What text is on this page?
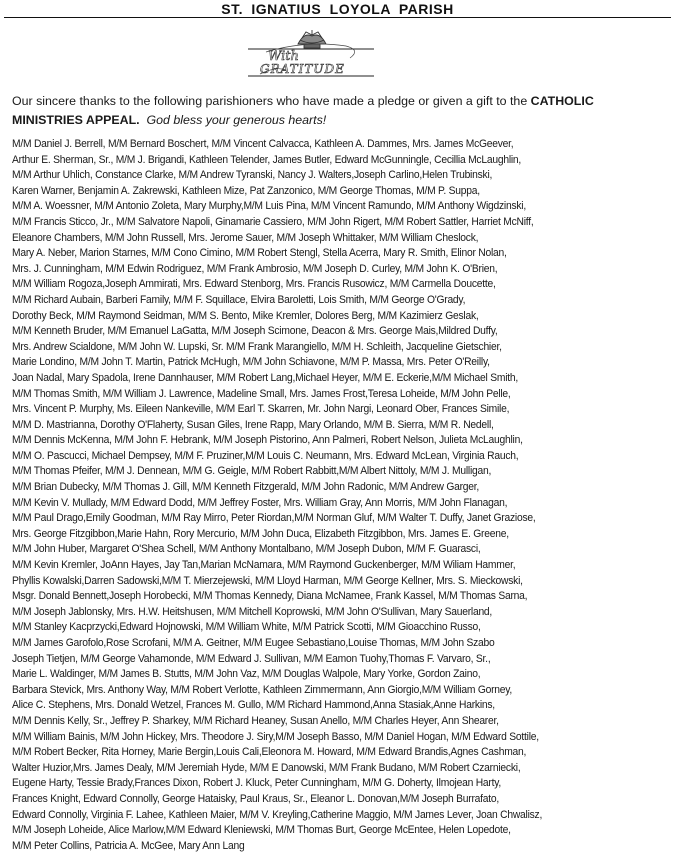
ST. IGNATIUS LOYOLA PARISH
With
GRATITUDE
Our sincere thanks to the following parishioners who have made a pledge or given a gift to the CATHOLIC MINISTRIES APPEAL. God bless your generous hearts!
M/M Daniel J. Berrell, M/M Bernard Boschert, M/M Vincent Calvacca, Kathleen A. Dammes, Mrs. James McGeever,
Arthur E. Sherman, Sr., M/M J. Brigandi, Kathleen Telender, James Butler, Edward McGunningle, Cecillia McLaughlin,
M/M Arthur Uhlich, Constance Clarke, M/M Andrew Tyranski, Nancy J. Walters,Joseph Carlino,Helen Trubinski,
Karen Warner, Benjamin A. Zakrewski, Kathleen Mize, Pat Zanzonico, M/M George Thomas, M/M P. Suppa,
M/M A. Woessner, M/M Antonio Zoleta, Mary Murphy,M/M Luis Pina, M/M Vincent Ramundo, M/M Anthony Wigdzinski,
M/M Francis Sticco, Jr., M/M Salvatore Napoli, Ginamarie Cassiero, M/M John Rigert, M/M Robert Sattler, Harriet McNiff,
Eleanore Chambers, M/M John Russell, Mrs. Jerome Sauer, M/M Joseph Whittaker, M/M William Cheslock,
Mary A. Neber, Marion Starnes, M/M Cono Cimino, M/M Robert Stengl, Stella Acerra, Mary R. Smith, Elinor Nolan,
Mrs. J. Cunningham, M/M Edwin Rodriguez, M/M Frank Ambrosio, M/M Joseph D. Curley, M/M John K. O'Brien,
M/M William Rogoza,Joseph Ammirati, Mrs. Edward Stenborg, Mrs. Francis Rusowicz, M/M Carmella Doucette,
M/M Richard Aubain, Barberi Family, M/M F. Squillace, Elvira Baroletti, Lois Smith, M/M George O'Grady,
Dorothy Beck, M/M Raymond Seidman, M/M S. Bento, Mike Kremler, Dolores Berg, M/M Kazimierz Geslak,
M/M Kenneth Bruder, M/M Emanuel LaGatta, M/M Joseph Scimone, Deacon & Mrs. George Mais,Mildred Duffy,
Mrs. Andrew Scialdone, M/M John W. Lupski, Sr. M/M Frank Marangiello, M/M H. Schleith, Jacqueline Gietschier,
Marie Londino, M/M John T. Martin, Patrick McHugh, M/M John Schiavone, M/M P. Massa, Mrs. Peter O'Reilly,
Joan Nadal, Mary Spadola, Irene Dannhauser, M/M Robert Lang,Michael Heyer, M/M E. Eckerie,M/M Michael Smith,
M/M Thomas Smith, M/M William J. Lawrence, Madeline Small, Mrs. James Frost,Teresa Loheide, M/M John Pelle,
Mrs. Vincent P. Murphy, Ms. Eileen Nankeville, M/M Earl T. Skarren, Mr. John Nargi, Leonard Ober, Frances Simile,
M/M D. Mastrianna, Dorothy O'Flaherty, Susan Giles, Irene Rapp, Mary Orlando, M/M B. Sierra, M/M R. Nedell,
M/M Dennis McKenna, M/M John F. Hebrank, M/M Joseph Pistorino, Ann Palmeri, Robert Nelson, Julieta McLaughlin,
M/M O. Pascucci, Michael Dempsey, M/M F. Pruziner,M/M Louis C. Neumann, Mrs. Edward McLean, Virginia Rauch,
M/M Thomas Pfeifer, M/M J. Dennean, M/M G. Geigle, M/M Robert Rabbitt,M/M Albert Nittoly, M/M J. Mulligan,
M/M Brian Dubecky, M/M Thomas J. Gill, M/M Kenneth Fitzgerald, M/M John Radonic, M/M Andrew Garger,
M/M Kevin V. Mullady, M/M Edward Dodd, M/M Jeffrey Foster, Mrs. William Gray, Ann Morris, M/M John Flanagan,
M/M Paul Drago,Emily Goodman, M/M Ray Mirro, Peter Riordan,M/M Norman Gluf, M/M Walter T. Duffy, Janet Graziose,
Mrs. George Fitzgibbon,Marie Hahn, Rory Mercurio, M/M John Duca, Elizabeth Fitzgibbon, Mrs. James E. Greene,
M/M John Huber, Margaret O'Shea Schell, M/M Anthony Montalbano, M/M Joseph Dubon, M/M F. Guarasci,
M/M Kevin Kremler, JoAnn Hayes, Jay Tan,Marian McNamara, M/M Raymond Guckenberger, M/M Wiliam Hammer,
Phyllis Kowalski,Darren Sadowski,M/M T. Mierzejewski, M/M Lloyd Harman, M/M George Kellner, Mrs. S. Mieckowski,
Msgr. Donald Bennett,Joseph Horobecki, M/M Thomas Kennedy, Diana McNamee, Frank Kassel, M/M Thomas Sarna,
M/M Joseph Jablonsky, Mrs. H.W. Heitshusen, M/M Mitchell Koprowski, M/M John O'Sullivan, Mary Sauerland,
M/M Stanley Kacprzycki,Edward Hojnowski, M/M William White, M/M Patrick Scotti, M/M Gioacchino Russo,
M/M James Garofolo,Rose Scrofani, M/M A. Geitner, M/M Eugee Sebastiano,Louise Thomas, M/M John Szabo
Joseph Tietjen, M/M George Vahamonde, M/M Edward J. Sullivan, M/M Eamon Tuohy,Thomas F. Varvaro, Sr.,
Marie L. Waldinger, M/M James B. Stutts, M/M John Vaz, M/M Douglas Walpole, Mary Yorke, Gordon Zaino,
Barbara Stevick, Mrs. Anthony Way, M/M Robert Verlotte, Kathleen Zimmermann, Ann Giorgio,M/M William Gorney,
Alice C. Stephens, Mrs. Donald Wetzel, Frances M. Gullo, M/M Richard Hammond,Anna Stasiak,Anne Harkins,
M/M Dennis Kelly, Sr., Jeffrey P. Sharkey, M/M Richard Heaney, Susan Anello, M/M Charles Heyer, Ann Shearer,
M/M William Bainis, M/M John Hickey, Mrs. Theodore J. Siry,M/M Joseph Basso, M/M Daniel Hogan, M/M Edward Sottile,
M/M Robert Becker, Rita Horney, Marie Bergin,Louis Cali,Eleonora M. Howard, M/M Edward Brandis,Agnes Cashman,
Walter Huzior,Mrs. James Dealy, M/M Jeremiah Hyde, M/M E Danowski, M/M Frank Budano, M/M Robert Czarniecki,
Eugene Harty, Tessie Brady,Frances Dixon, Robert J. Kluck, Peter Cunningham, M/M G. Doherty, Ilmojean Harty,
Frances Knight, Edward Connolly, George Hataisky, Paul Kraus, Sr., Eleanor L. Donovan,M/M Joseph Burrafato,
Edward Connolly, Virginia F. Lahee, Kathleen Maier, M/M V. Kreyling,Catherine Maggio, M/M James Lever, Joan Chwalisz,
M/M Joseph Loheide, Alice Marlow,M/M Edward Kleniewski, M/M Thomas Burt, George McEntee, Helen Lopedote,
M/M Peter Collins, Patricia A. McGee, Mary Ann Lang
